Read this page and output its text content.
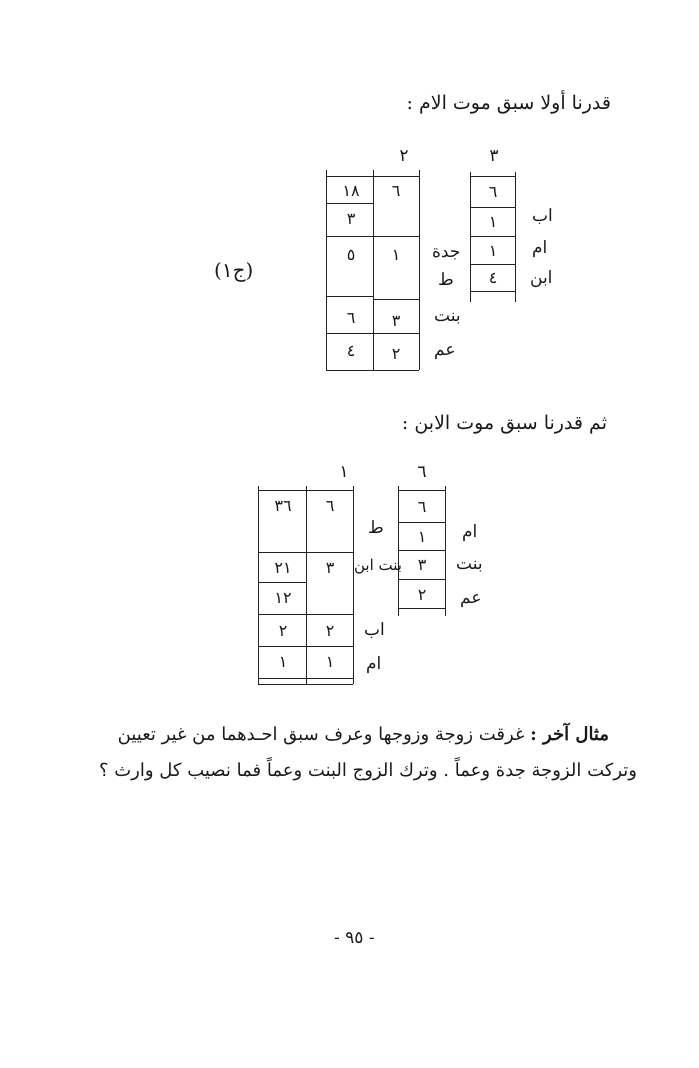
قدرنا أولا سبق موت الام :
٢	٣
٦
١
١
٤
اب
ام
ابن
١٨
٣
٥
٦
٤
٦
١
٣
٢
جدة
ط
بنت
عم
(ج١)
ثم قدرنا سبق موت الابن :
١	٦
٦
١
٣
٢
ام
بنت
عم
٣٦
٢١
١٢
٢
١
٦
٣
٢
١
ط
بنت ابن
اب
ام
مثال آخر : غرقت زوجة وزوجها وعرف سبق احـدهما من غير تعيين
وتركت الزوجة جدة وعماً . وترك الزوج البنت وعماً فما نصيب كل وارث ؟
- ٩٥ -
